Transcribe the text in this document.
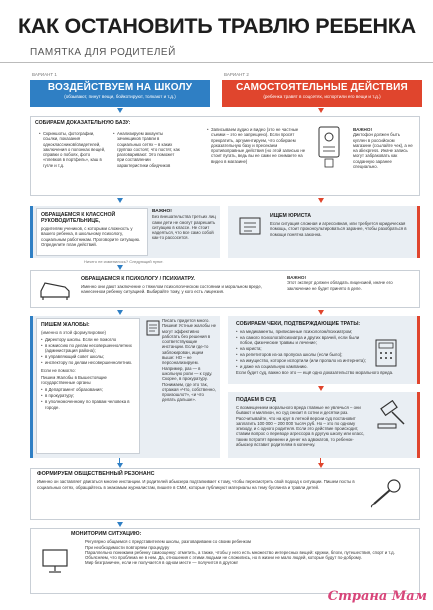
КАК ОСТАНОВИТЬ ТРАВЛЮ РЕБЕНКА
ПАМЯТКА ДЛЯ РОДИТЕЛЕЙ
ВАРИАНТ 1	ВАРИАНТ 2
ВОЗДЕЙСТВУЕМ НА ШКОЛУ
(обзывают, пинут вещи, бойкотируют, толкают и т.д.)
САМОСТОЯТЕЛЬНЫЕ ДЕЙСТВИЯ
(ребенка травят в соцсетях, испортили его вещи и т.д.)
СОБИРАЕМ ДОКАЗАТЕЛЬНУЮ БАЗУ:
• Скриншоты, фотографии, ссылки, показания одноклассников/свидетелей, заключения о полонках вещей, справки о побоях, фото «плевков в портфель», каш в гугле и т.д.
• Анализируем аккаунты зачинщиков травли в социальных сетях – в каких группах состоят, что постят, как разговаривают. Это поможет при составлении характеристики обидчиков
• Записываем аудио и видео (это не частные съемки – это не запрещено). Если просят прекратить, аргументируем, что собираем доказательную базу и пресекаем противоправные действия (но этой записью не стоит пугать, ведь вы ее сами не снимаете на видео в магазине)
ВАЖНО!
Диктофон должен быть куплен в российском магазине (ссылайте чек), а не на aliexpress. Иначе запись могут забраковать как созданную заранее специально.
ОБРАЩАЕМСЯ К КЛАССНОЙ РУКОВОДИТЕЛЬНИЦЕ,
родителям учеников, с которыми сложность у вашего ребенка, в школьному психологу, социальным работникам. Проговорите ситуацию. Определите план действий.
ВАЖНО!
Без внешательства третьих лиц сами дети не смогут разрешить ситуацию в классе. Не стоит надеяться, что все само собой как-то рассосется.
ИЩЕМ ЮРИСТА
Если ситуация сложная и агрессивная, или требуется юридическая помощь, стоит проконсультироваться заранее, чтобы разобраться в помощи понятна законна.
Ничего не изменилось? Следующий пункт.
ОБРАЩАЕМСЯ К ПСИХОЛОГУ / ПСИХИАТРУ.
Именно они дают заключение о тяжелом психологическом состоянии и моральном вреде, нанесенном ребенку ситуацией. Выбирайте тому, у кого есть лицензия.
ВАЖНО!
Этот эксперт должен обладать лицензией, иначе его заключение не будет принято в деле.
ПИШЕМ ЖАЛОБЫ:
(именно в этой формулировке)
• Директору школы. Если не помогло
• в комиссию по делам несовершеннолетних (администрация района);
• в управляющий совет школы;
• инспектору по делам несовершеннолетних.
Если не помогло:
Пишем Жалобы в Вышестоящие государственные органы
• в Департамент образования;
• в прокуратуру;
• в уполномоченному по правам человека в городе.
Писать придется много. Пишем! Устные жалобы не могут эффективно работать без решения в соответствующие инстанции. Если где-то заблокирован, ищем выше: НО – не персонализируем. Например, раз — в школьную роли — к суду. Скорее, в прокуратуру. Понимаем, где это так, отражая «Что, собственно, произошло?», «и что делать дальше».
СОБИРАЕМ ЧЕКИ, ПОДТВЕРЖДАЮЩИЕ ТРАТЫ:
• на медикаменты, приписанные психологом/психиатром;
• на самого психолога/психиатра и других врачей, если были побои, физические травмы и лечение;
• на юриста;
• на репетиторов из-за пропуска школы (если было);
• на имущество, которое испортили (или пропало из интернета);
• и даже на социальную кампанию.
Если будет суд, важно все это — ещё одно доказательство морального вреда.
ПОДАЕМ В СУД
С возмещением морального вреда главные не увлечься – они бывают и миллион, но суд снизит в сотни и десятки раз. Рассчитывайте, что на круг в летной версии суд постановит заплатить 100 000 – 200 000 тысяч руб. Но – это по одному эпизоду, и с одного родителя. Если это действие происходит, ставим вопрос о переводе агрессора в другую школу или класс, таким потратят времени и денег на адвокатов, то ребенок-абьюзер вставит родителям в копеечку.
ФОРМИРУЕМ ОБЩЕСТВЕННЫЙ РЕЗОНАНС
Именно он заставляет двигаться многие инстанции. И родителей абьюзера подталкивает к тому, чтобы пересмотреть свой подход к ситуации. Пишем посты в социальных сетях, обращайтесь в знакомым журналистам, пишите в СМИ, которые публикуют материалы на тему буллинга и травли детей.
МОНИТОРИМ СИТУАЦИЮ:
Регулярно общаемся с представителем школы, разговариваем со своим ребенком
При необходимости повторяем процедуру
Параллельно понижаем ребенку самооценку: отметить, а также, чтобы у него есть множество интересных вещей: кружки, блоги, путешествия, спорт и т.д.
Объясняем, что проблема не в нем. Да, отношения с этими людьми не сложились, но в жизни не мало людей, которые будут по-доброму.
Мир безграничен, если не получается в одном месте — получится в другом!
Страна Мам
